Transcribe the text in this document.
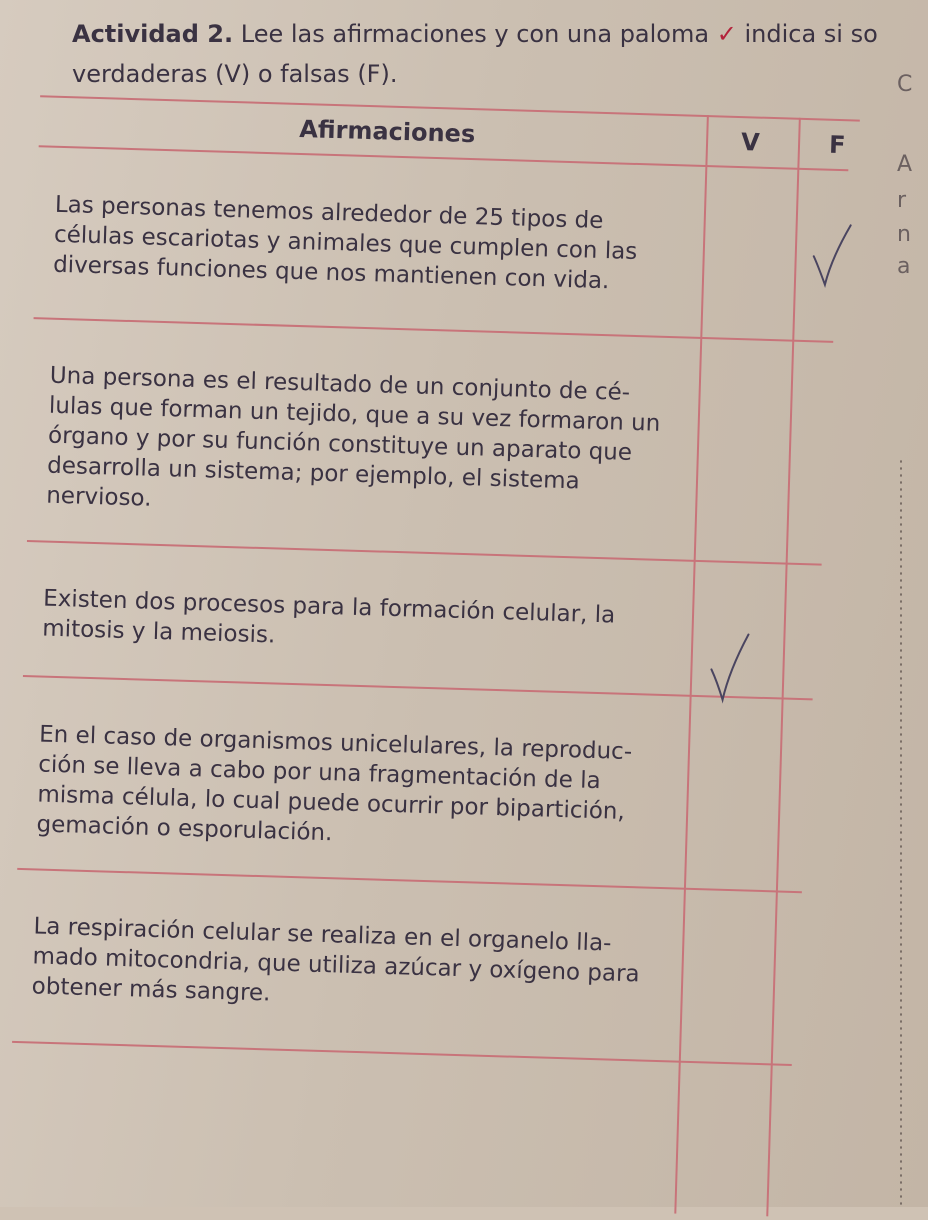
Actividad 2. Lee las afirmaciones y con una paloma ✓ indica si so
verdaderas (V) o falsas (F).	C
A
r
n
a
Afirmaciones	V	F
Las personas tenemos alrededor de 25 tipos de células escariotas y animales que cumplen con las diversas funciones que nos mantienen con vida.
Una persona es el resultado de un conjunto de cé-lulas que forman un tejido, que a su vez formaron un órgano y por su función constituye un aparato que desarrolla un sistema; por ejemplo, el sistema nervioso.
Existen dos procesos para la formación celular, la mitosis y la meiosis.
En el caso de organismos unicelulares, la reproduc-ción se lleva a cabo por una fragmentación de la misma célula, lo cual puede ocurrir por bipartición, gemación o esporulación.
La respiración celular se realiza en el organelo lla-mado mitocondria, que utiliza azúcar y oxígeno para obtener más sangre.
